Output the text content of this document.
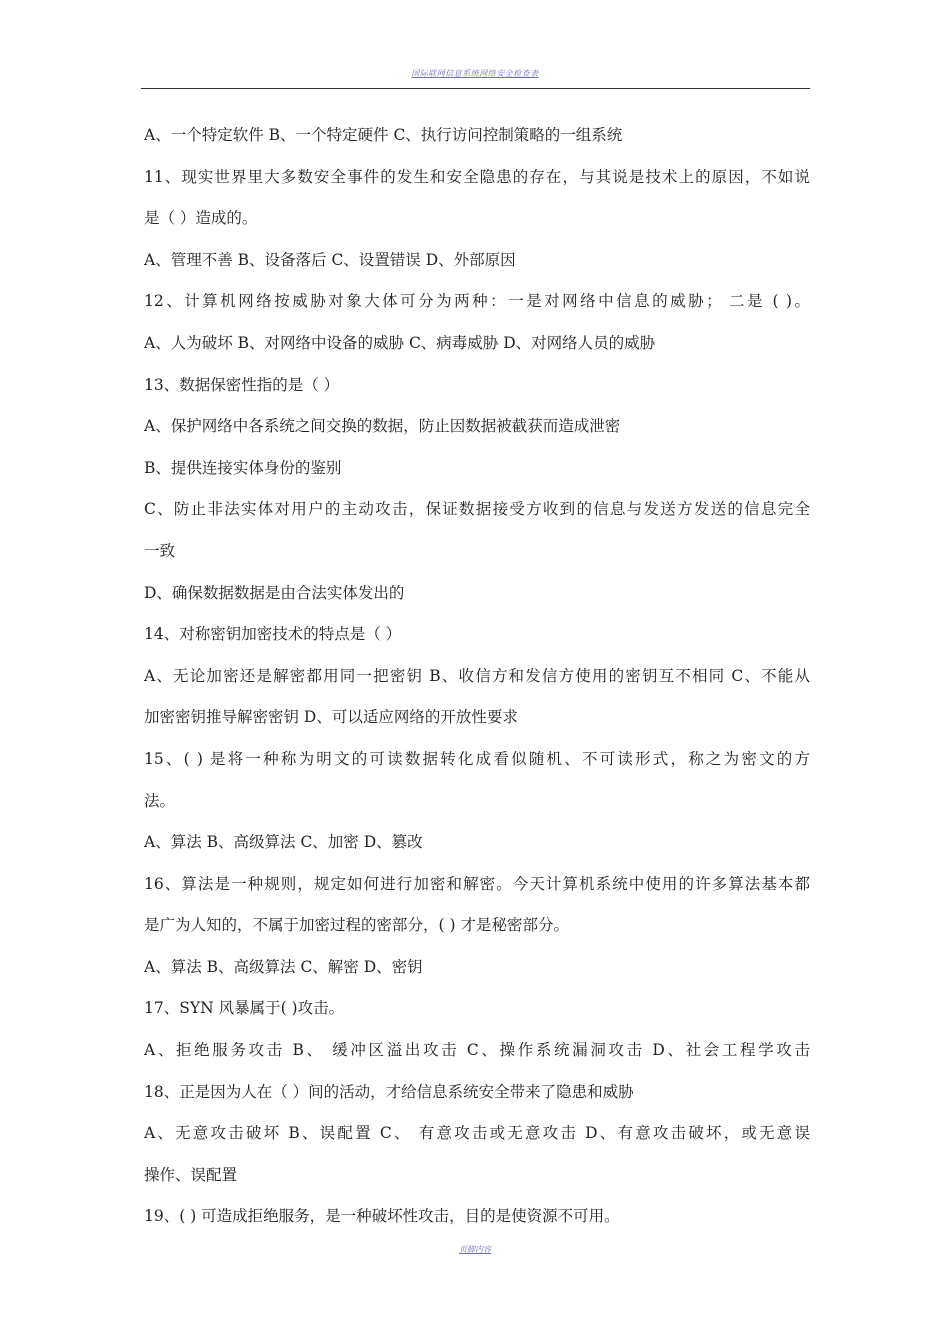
国际联网信息系统网络安全检查表
A、一个特定软件 B、一个特定硬件 C、执行访问控制策略的一组系统
11、现实世界里大多数安全事件的发生和安全隐患的存在，与其说是技术上的原因，不如说
是（ ）造成的。
A、管理不善 B、设备落后 C、设置错误 D、外部原因
12、计算机网络按威胁对象大体可分为两种：一是对网络中信息的威胁； 二是 ( )。
A、人为破坏 B、对网络中设备的威胁 C、病毒威胁 D、对网络人员的威胁
13、数据保密性指的是（ ）
A、保护网络中各系统之间交换的数据，防止因数据被截获而造成泄密
B、提供连接实体身份的鉴别
C、防止非法实体对用户的主动攻击，保证数据接受方收到的信息与发送方发送的信息完全
一致
D、确保数据数据是由合法实体发出的
14、对称密钥加密技术的特点是（ ）
A、无论加密还是解密都用同一把密钥 B、收信方和发信方使用的密钥互不相同 C、不能从
加密密钥推导解密密钥 D、可以适应网络的开放性要求
15、( ) 是将一种称为明文的可读数据转化成看似随机、不可读形式，称之为密文的方
法。
A、算法 B、高级算法 C、加密 D、篡改
16、算法是一种规则，规定如何进行加密和解密。今天计算机系统中使用的许多算法基本都
是广为人知的，不属于加密过程的密部分，( ) 才是秘密部分。
A、算法 B、高级算法 C、解密 D、密钥
17、SYN 风暴属于( )攻击。
A、拒绝服务攻击 B、 缓冲区溢出攻击 C、操作系统漏洞攻击 D、社会工程学攻击
18、正是因为人在（ ）间的活动，才给信息系统安全带来了隐患和威胁
A、无意攻击破坏 B、误配置 C、 有意攻击或无意攻击 D、有意攻击破坏，或无意误
操作、误配置
19、( ) 可造成拒绝服务，是一种破坏性攻击，目的是使资源不可用。
页脚内容
